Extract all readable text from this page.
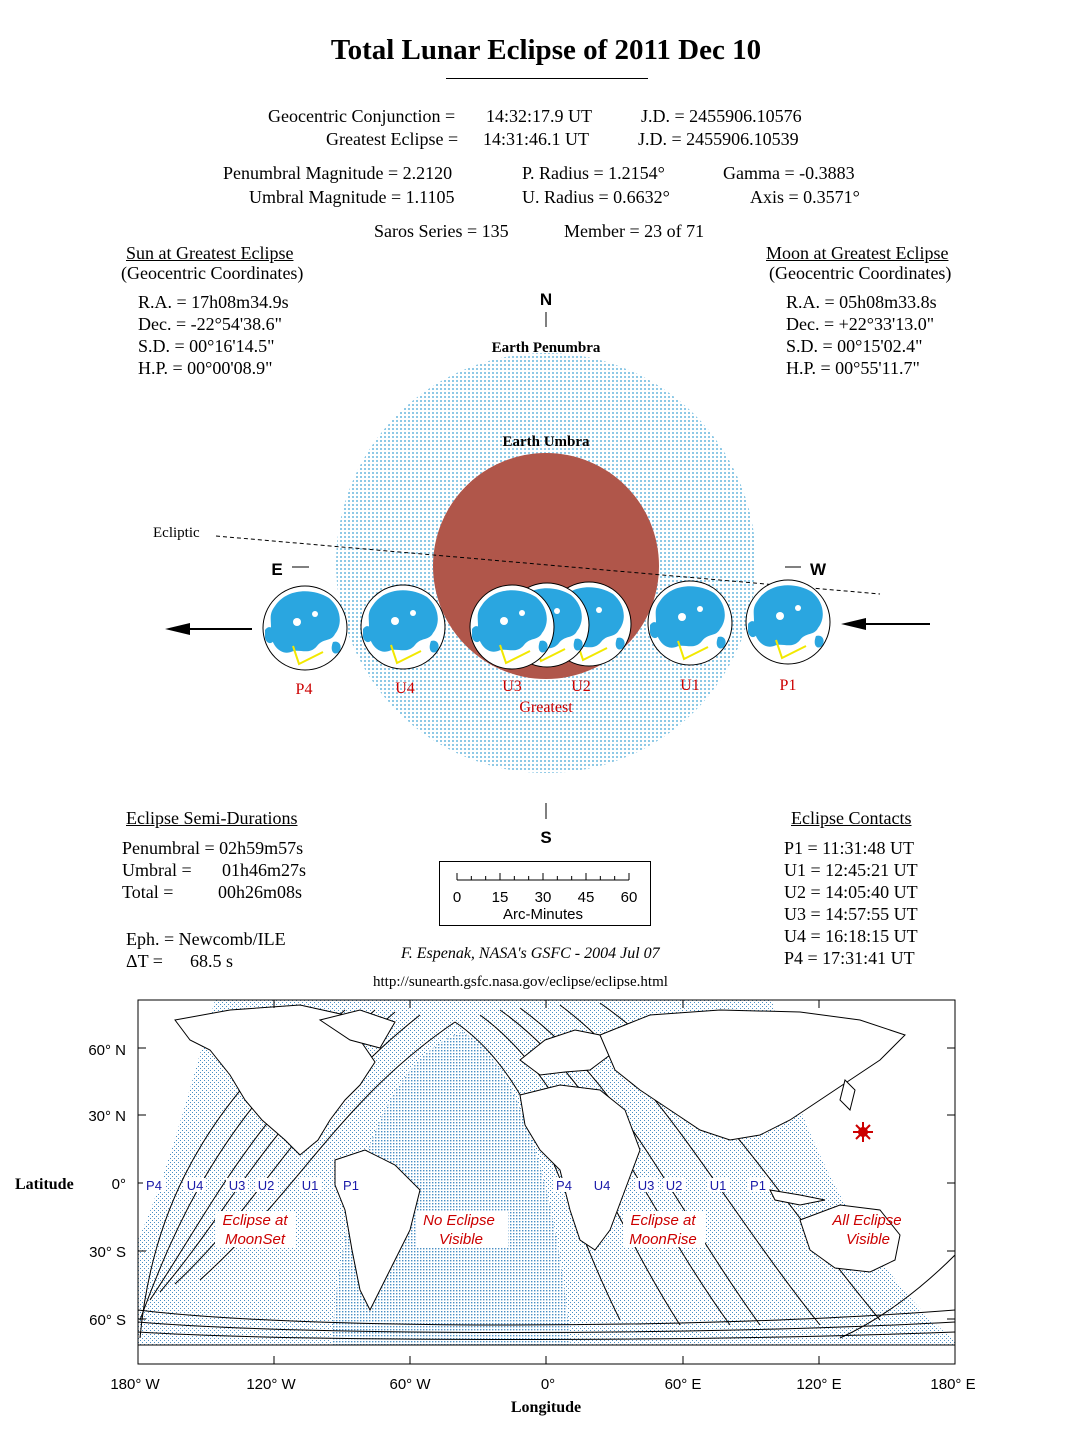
Total Lunar Eclipse of 2011 Dec 10
Geocentric Conjunction = 14:32:17.9 UT	J.D. = 2455906.10576
Greatest Eclipse = 14:31:46.1 UT	J.D. = 2455906.10539
Penumbral Magnitude = 2.2120
Umbral Magnitude = 1.1105
P. Radius = 1.2154°
U. Radius = 0.6632°
Gamma = -0.3883
Axis = 0.3571°
Saros Series = 135	Member = 23 of 71
Sun at Greatest Eclipse
(Geocentric Coordinates)
R.A. = 17h08m34.9s
Dec. = -22°54'38.6"
S.D. = 00°16'14.5"
H.P. = 00°00'08.9"
Moon at Greatest Eclipse
(Geocentric Coordinates)
R.A. = 05h08m33.8s
Dec. = +22°33'13.0"
S.D. = 00°15'02.4"
H.P. = 00°55'11.7"
Earth Penumbra
Earth Umbra
N
S
E	W
Ecliptic
P4	U4	U3	U2	U1	P1
Greatest
Eclipse Semi-Durations
Penumbral = 02h59m57s
Umbral = 01h46m27s
Total = 00h26m08s
Eph. = Newcomb/ILE
ΔT = 68.5 s
0 15 30 45 60
Arc-Minutes
F. Espenak, NASA's GSFC - 2004 Jul 07
http://sunearth.gsfc.nasa.gov/eclipse/eclipse.html
Eclipse Contacts
P1 = 11:31:48 UT
U1 = 12:45:21 UT
U2 = 14:05:40 UT
U3 = 14:57:55 UT
U4 = 16:18:15 UT
P4 = 17:31:41 UT
60° N
30° N
0°
30° S
60° S
Latitude
180° W	120° W	60° W	0°	60° E	120° E	180° E
Longitude
P4 U4 U3 U2 U1 P1	P4 U4 U3 U2 U1 P1
Eclipse at
MoonSet
No Eclipse
Visible
Eclipse at
MoonRise
All Eclipse
Visible
